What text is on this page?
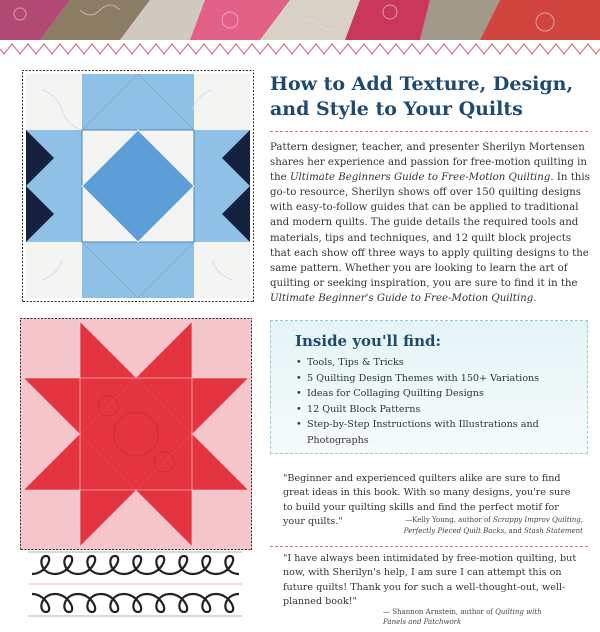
How to Add Texture, Design,
and Style to Your Quilts

Pattern designer, teacher, and presenter Sherilyn Mortensen shares her experience and passion for free-motion quilting in the Ultimate Beginners Guide to Free-Motion Quilting. In this go-to resource, Sherilyn shows off over 150 quilting designs with easy-to-follow guides that can be applied to traditional and modern quilts. The guide details the required tools and materials, tips and techniques, and 12 quilt block projects that each show off three ways to apply quilting designs to the same pattern. Whether you are looking to learn the art of quilting or seeking inspiration, you are sure to find it in the Ultimate Beginner's Guide to Free-Motion Quilting.

Inside you'll find:
• Tools, Tips & Tricks
• 5 Quilting Design Themes with 150+ Variations
• Ideas for Collaging Quilting Designs
• 12 Quilt Block Patterns
• Step-by-Step Instructions with Illustrations and Photographs

"Beginner and experienced quilters alike are sure to find great ideas in this book. With so many designs, you're sure to build your quilting skills and find the perfect motif for your quilts."	—Kelly Young, author of Scrappy Improv Quilting,
Perfectly Pieced Quilt Backs, and Stash Statement

"I have always been intimidated by free-motion quilting, but now, with Sherilyn's help, I am sure I can attempt this on future quilts! Thank you for such a well-thought-out, well-planned book!"

— Shannon Arnstein, author of Quilting with
Panels and Patchwork
